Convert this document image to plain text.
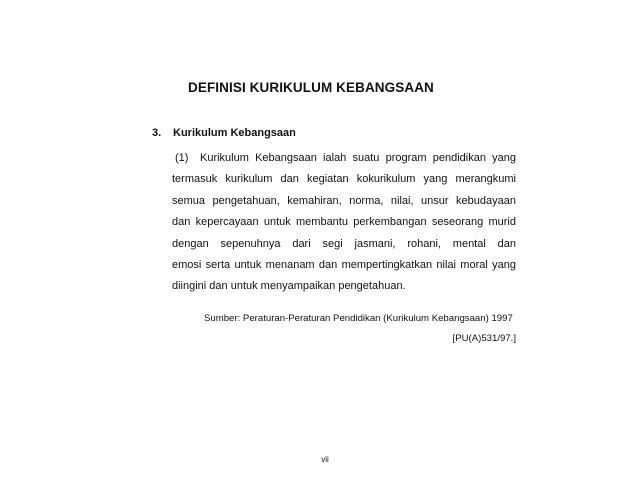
DEFINISI KURIKULUM KEBANGSAAN
3. Kurikulum Kebangsaan
(1) Kurikulum Kebangsaan ialah suatu program pendidikan yang
termasuk kurikulum dan kegiatan kokurikulum yang merangkumi
semua pengetahuan, kemahiran, norma, nilai, unsur kebudayaan
dan kepercayaan untuk membantu perkembangan seseorang murid
dengan sepenuhnya dari segi jasmani, rohani, mental dan
emosi serta untuk menanam dan mempertingkatkan nilai moral yang
diingini dan untuk menyampaikan pengetahuan.
Sumber: Peraturan-Peraturan Pendidikan (Kurikulum Kebangsaan) 1997
[PU(A)531/97.]
vii
